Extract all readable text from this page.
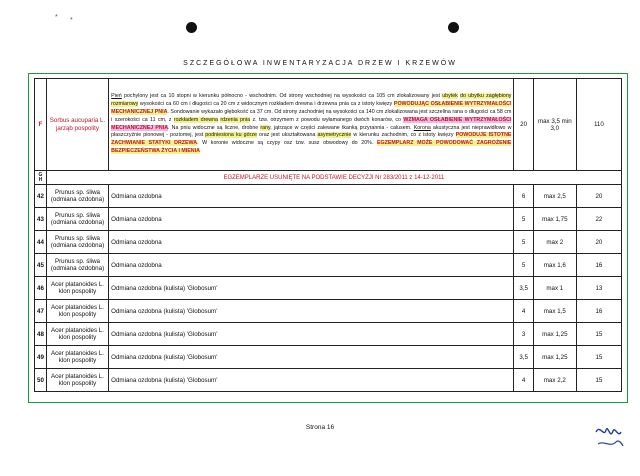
* *
SZCZEGÓŁOWA INWENTARYZACJA DRZEW I KRZEWÓW
F	Sorbus aucuparia L. jarząb pospolity	Pień pochylony jest ca 10 stopni w kierunku północno - wschodnim. Od strony wschodniej na wysokości ca 105 cm zlokalizowany jest ubytek do ubytku zagłębiony rozmiarowy wysokości ca 60 cm i długości ca 20 cm z widocznym rozkładem drewna i drzewna pnia ca z istoty kwięzy POWODUJĄC OSŁABIENIE WYTRZYMAŁOŚCI MECHANICZNEJ PNIA. Sondowanie wykazało głębokość ca 37 cm. Od strony zachodniej na wysokości ca 140 cm zlokalizowana jest szczelina rana o długości ca 58 cm i szerokości ca 11 cm, z rozkładem drewna rdzenia pnia z. tzw. otrzymem z powodu wyłamanego dwóch konarów, co WZMAGA OSŁABIENIE WYTRZYMAŁOŚCI MECHANICZNEJ PNIA. Na pniu widoczne są liczne, drobne rany, jątrzące w części zalewane tkanką przyrannia - calusem. Korona akustyczna jest nieprawidłowo w płaszczyźnie pionowej - poziomej, jest podniesiona ku górze oraz jest ukształtowana asymetrycznie w kierunku zachodnim, co z istoty kwięzy POWODUJE ISTOTNE ZACHWIANIE STATYKI DRZEWA. W koronie widoczne są czypy osz tzw. susz obwodowy do 20%. EGZEMPLARZ MOŻE POWODOWAĆ ZAGROŻENIE BEZPIECZEŃSTWA ŻYCIA I MIENIA	20	max 3,5 min 3,0	110
G H	EGZEMPLARZE USUNIĘTE NA PODSTAWIE DECYZJI Nr 283/2011 z 14-12-2011				
42	Prunus sp. śliwa (odmiana ozdobna)	Odmiana ozdobna	6	max 2,5	20
43	Prunus sp. śliwa (odmiana ozdobna)	Odmiana ozdobna	5	max 1,75	22
44	Prunus sp. śliwa (odmiana ozdobna)	Odmiana ozdobna	5	max 2	20
45	Prunus sp. śliwa (odmiana ozdobna)	Odmiana ozdobna	5	max 1,6	16
46	Acer platanoides L. klon pospolity	Odmiana ozdobna (kulista) 'Globosum'	3,5	max 1	13
47	Acer platanoides L. klon pospolity	Odmiana ozdobna (kulista) 'Globosum'	4	max 1,5	16
48	Acer platanoides L. klon pospolity	Odmiana ozdobna (kulista) 'Globosum'	3	max 1,25	15
49	Acer platanoides L. klon pospolity	Odmiana ozdobna (kulista) 'Globosum'	3,5	max 1,25	15
50	Acer platanoides L. klon pospolity	Odmiana ozdobna (kulista) 'Globosum'	4	max 2,2	15
Strona 16
